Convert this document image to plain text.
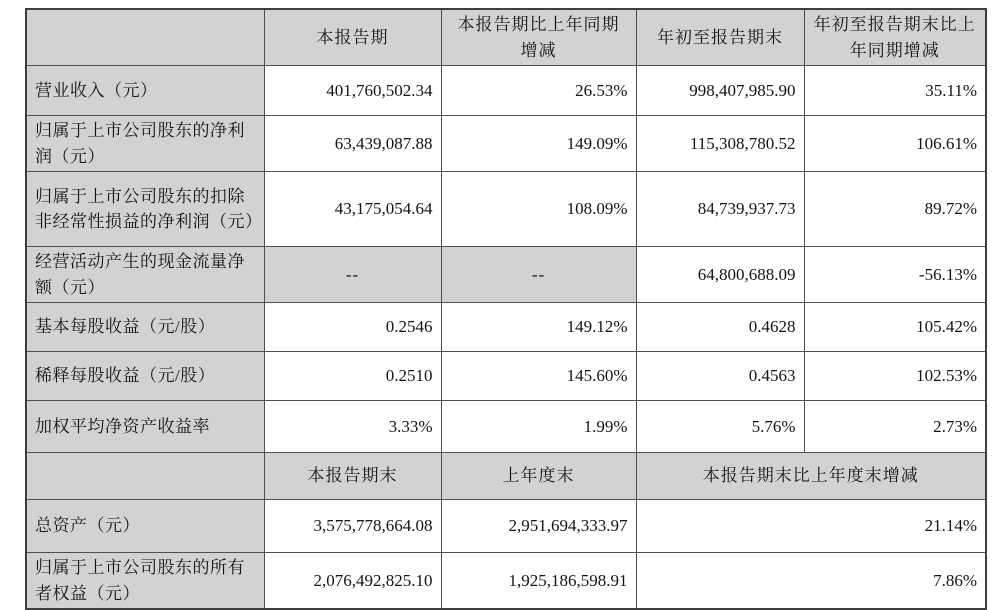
	本报告期	本报告期比上年同期增减	年初至报告期末	年初至报告期末比上年同期增减
营业收入（元）	401,760,502.34	26.53%	998,407,985.90	35.11%
归属于上市公司股东的净利润（元）	63,439,087.88	149.09%	115,308,780.52	106.61%
归属于上市公司股东的扣除非经常性损益的净利润（元）	43,175,054.64	108.09%	84,739,937.73	89.72%
经营活动产生的现金流量净额（元）	--	--	64,800,688.09	-56.13%
基本每股收益（元/股）	0.2546	149.12%	0.4628	105.42%
稀释每股收益（元/股）	0.2510	145.60%	0.4563	102.53%
加权平均净资产收益率	3.33%	1.99%	5.76%	2.73%
	本报告期末	上年度末	本报告期末比上年度末增减	
总资产（元）	3,575,778,664.08	2,951,694,333.97	21.14%	
归属于上市公司股东的所有者权益（元）	2,076,492,825.10	1,925,186,598.91	7.86%	
